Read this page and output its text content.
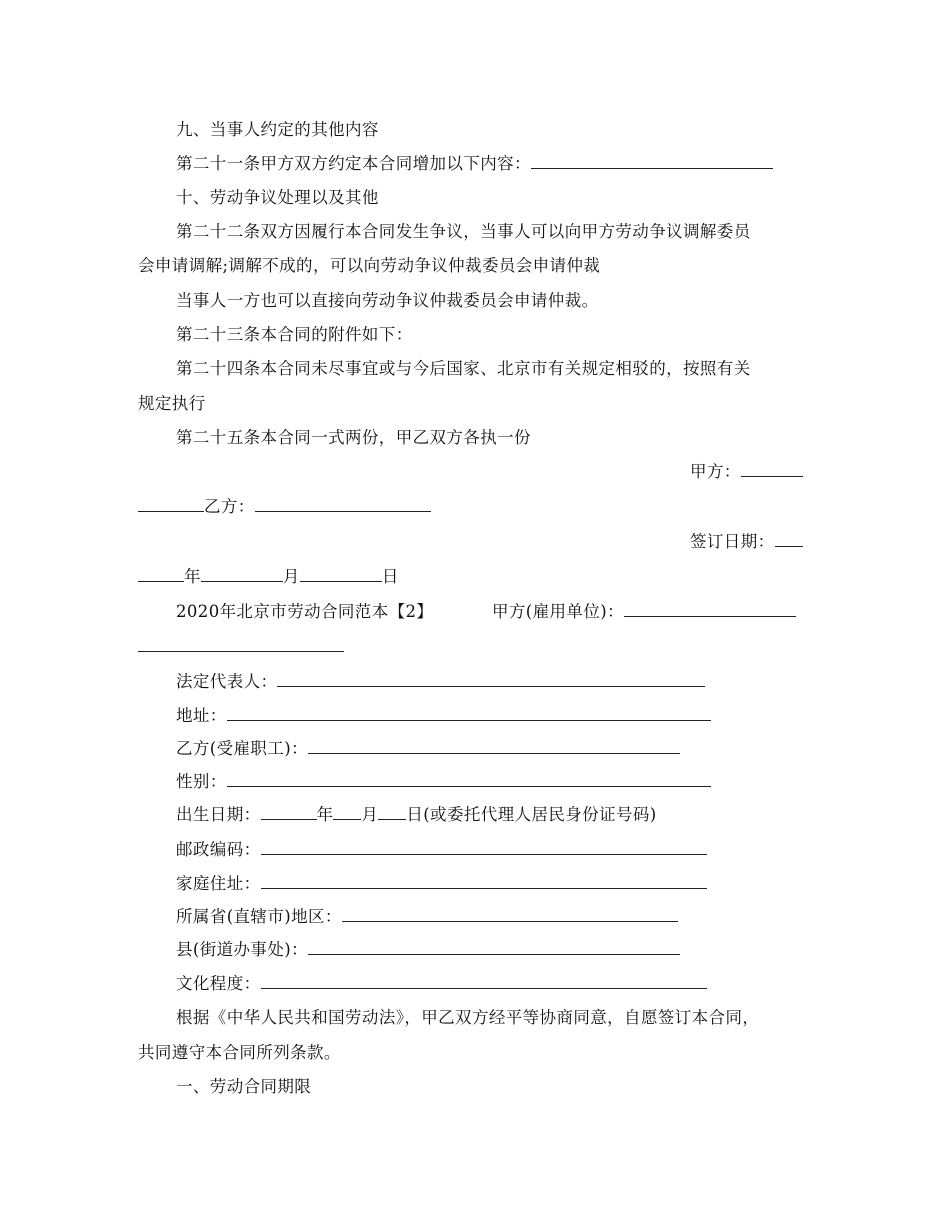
九、当事人约定的其他内容
第二十一条甲方双方约定本合同增加以下内容：
十、劳动争议处理以及其他
第二十二条双方因履行本合同发生争议，当事人可以向甲方劳动争议调解委员
会申请调解;调解不成的，可以向劳动争议仲裁委员会申请仲裁
当事人一方也可以直接向劳动争议仲裁委员会申请仲裁。
第二十三条本合同的附件如下：
第二十四条本合同未尽事宜或与今后国家、北京市有关规定相驳的，按照有关
规定执行
第二十五条本合同一式两份，甲乙双方各执一份
甲方：
乙方：
签订日期：
年	月	日
2020年北京市劳动合同范本【2】	甲方(雇用单位)：
法定代表人：
地址：
乙方(受雇职工)：
性别：
出生日期：	年 月 日(或委托代理人居民身份证号码)
邮政编码：
家庭住址：
所属省(直辖市)地区：
县(街道办事处)：
文化程度：
根据《中华人民共和国劳动法》，甲乙双方经平等协商同意，自愿签订本合同，
共同遵守本合同所列条款。
一、劳动合同期限
